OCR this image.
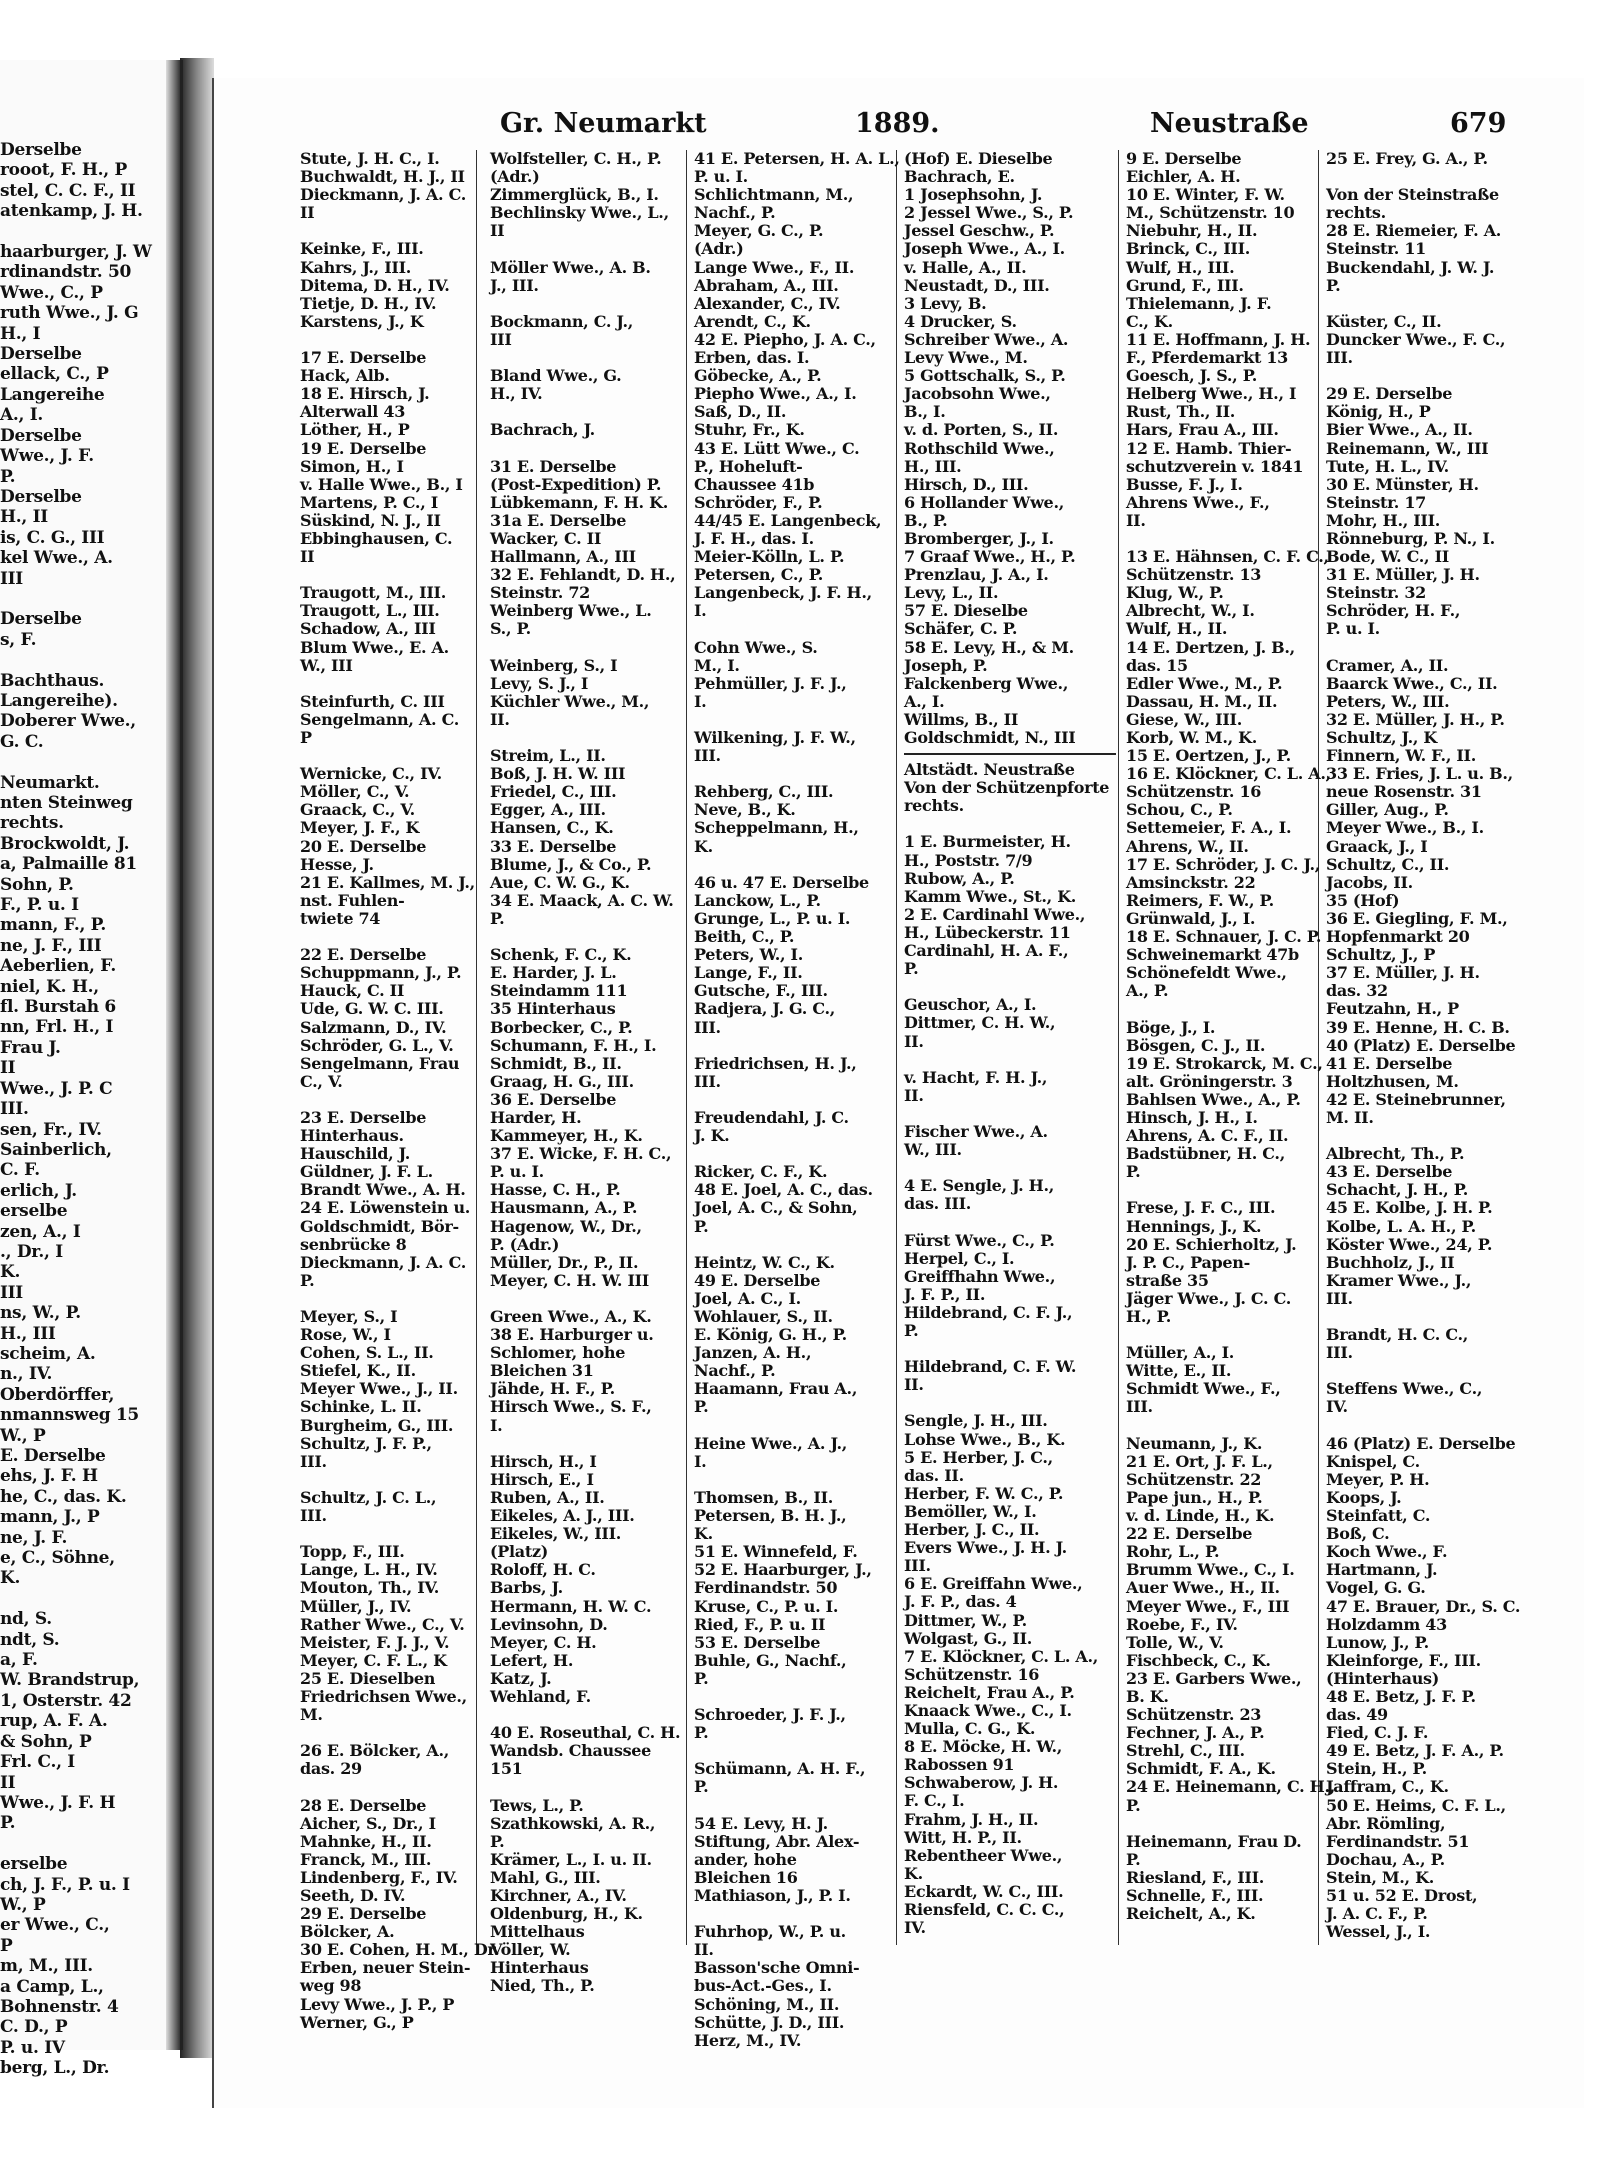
Derselbe
rooot, F. H., P
stel, C. C. F., II
atenkamp, J. H.

haarburger, J. W
rdinandstr. 50
Wwe., C., P
ruth Wwe., J. G
H., I
Derselbe
ellack, C., P
Langereihe
A., I.
Derselbe
Wwe., J. F.
P.
Derselbe
H., II
is, C. G., III
kel Wwe., A.
III

Derselbe
s, F.

Bachthaus.
Langereihe).
Doberer Wwe.,
G. C.

Neumarkt.
nten Steinweg
rechts.
Brockwoldt, J.
a, Palmaille 81
Sohn, P.
F., P. u. I
mann, F., P.
ne, J. F., III
Aeberlien, F.
niel, K. H.,
fl. Burstah 6
nn, Frl. H., I
Frau J.
II
Wwe., J. P. C
III.
sen, Fr., IV.
Sainberlich,
C. F.
erlich, J.
erselbe
zen, A., I
., Dr., I
K.
III
ns, W., P.
H., III
scheim, A.
n., IV.
Oberdörffer,
nmannsweg 15
W., P
E. Derselbe
ehs, J. F. H
he, C., das. K.
mann, J., P
ne, J. F.
e, C., Söhne,
K.

nd, S.
ndt, S.
a, F.
W. Brandstrup,
1, Osterstr. 42
rup, A. F. A.
& Sohn, P
Frl. C., I
II
Wwe., J. F. H
P.

erselbe
ch, J. F., P. u. I
W., P
er Wwe., C.,
P
m, M., III.
a Camp, L.,
Bohnenstr. 4
C. D., P
P. u. IV
berg, L., Dr.
Gr. Neumarkt	1889.	Neustraße	679
Stute, J. H. C., I.
Buchwaldt, H. J., II
Dieckmann, J. A. C.
II

Keinke, F., III.
Kahrs, J., III.
Ditema, D. H., IV.
Tietje, D. H., IV.
Karstens, J., K

17 E. Derselbe
Hack, Alb.
18 E. Hirsch, J.
Alterwall 43
Löther, H., P
19 E. Derselbe
Simon, H., I
v. Halle Wwe., B., I
Martens, P. C., I
Süskind, N. J., II
Ebbinghausen, C.
II

Traugott, M., III.
Traugott, L., III.
Schadow, A., III
Blum Wwe., E. A.
W., III

Steinfurth, C. III
Sengelmann, A. C.
P

Wernicke, C., IV.
Möller, C., V.
Graack, C., V.
Meyer, J. F., K
20 E. Derselbe
Hesse, J.
21 E. Kallmes, M. J.,
nst. Fuhlen-
twiete 74

22 E. Derselbe
Schuppmann, J., P.
Hauck, C. II
Ude, G. W. C. III.
Salzmann, D., IV.
Schröder, G. L., V.
Sengelmann, Frau
C., V.

23 E. Derselbe
Hinterhaus.
Hauschild, J.
Güldner, J. F. L.
Brandt Wwe., A. H.
24 E. Löwenstein u.
Goldschmidt, Bör-
senbrücke 8
Dieckmann, J. A. C.
P.

Meyer, S., I
Rose, W., I
Cohen, S. L., II.
Stiefel, K., II.
Meyer Wwe., J., II.
Schinke, L. II.
Burgheim, G., III.
Schultz, J. F. P.,
III.

Schultz, J. C. L.,
III.

Topp, F., III.
Lange, L. H., IV.
Mouton, Th., IV.
Müller, J., IV.
Rather Wwe., C., V.
Meister, F. J. J., V.
Meyer, C. F. L., K
25 E. Dieselben
Friedrichsen Wwe.,
M.

26 E. Bölcker, A.,
das. 29

28 E. Derselbe
Aicher, S., Dr., I
Mahnke, H., II.
Franck, M., III.
Lindenberg, F., IV.
Seeth, D. IV.
29 E. Derselbe
Bölcker, A.
30 E. Cohen, H. M., Dr.
Erben, neuer Stein-
weg 98
Levy Wwe., J. P., P
Werner, G., P
Wolfsteller, C. H., P.
(Adr.)
Zimmerglück, B., I.
Bechlinsky Wwe., L.,
II

Möller Wwe., A. B.
J., III.

Bockmann, C. J.,
III

Bland Wwe., G.
H., IV.

Bachrach, J.

31 E. Derselbe
(Post-Expedition) P.
Lübkemann, F. H. K.
31a E. Derselbe
Wacker, C. II
Hallmann, A., III
32 E. Fehlandt, D. H.,
Steinstr. 72
Weinberg Wwe., L.
S., P.

Weinberg, S., I
Levy, S. J., I
Küchler Wwe., M.,
II.

Streim, L., II.
Boß, J. H. W. III
Friedel, C., III.
Egger, A., III.
Hansen, C., K.
33 E. Derselbe
Blume, J., & Co., P.
Aue, C. W. G., K.
34 E. Maack, A. C. W.
P.

Schenk, F. C., K.
E. Harder, J. L.
Steindamm 111
35 Hinterhaus
Borbecker, C., P.
Schumann, F. H., I.
Schmidt, B., II.
Graag, H. G., III.
36 E. Derselbe
Harder, H.
Kammeyer, H., K.
37 E. Wicke, F. H. C.,
P. u. I.
Hasse, C. H., P.
Hausmann, A., P.
Hagenow, W., Dr.,
P. (Adr.)
Müller, Dr., P., II.
Meyer, C. H. W. III

Green Wwe., A., K.
38 E. Harburger u.
Schlomer, hohe
Bleichen 31
Jähde, H. F., P.
Hirsch Wwe., S. F.,
I.

Hirsch, H., I
Hirsch, E., I
Ruben, A., II.
Eikeles, A. J., III.
Eikeles, W., III.
(Platz)
Roloff, H. C.
Barbs, J.
Hermann, H. W. C.
Levinsohn, D.
Meyer, C. H.
Lefert, H.
Katz, J.
Wehland, F.

40 E. Roseuthal, C. H.
Wandsb. Chaussee
151

Tews, L., P.
Szathkowski, A. R.,
P.
Krämer, L., I. u. II.
Mahl, G., III.
Kirchner, A., IV.
Oldenburg, H., K.
Mittelhaus
Völler, W.
Hinterhaus
Nied, Th., P.
41 E. Petersen, H. A. L.,
P. u. I.
Schlichtmann, M.,
Nachf., P.
Meyer, G. C., P.
(Adr.)
Lange Wwe., F., II.
Abraham, A., III.
Alexander, C., IV.
Arendt, C., K.
42 E. Piepho, J. A. C.,
Erben, das. I.
Göbecke, A., P.
Piepho Wwe., A., I.
Saß, D., II.
Stuhr, Fr., K.
43 E. Lütt Wwe., C.
P., Hoheluft-
Chaussee 41b
Schröder, F., P.
44/45 E. Langenbeck,
J. F. H., das. I.
Meier-Kölln, L. P.
Petersen, C., P.
Langenbeck, J. F. H.,
I.

Cohn Wwe., S.
M., I.
Pehmüller, J. F. J.,
I.

Wilkening, J. F. W.,
III.

Rehberg, C., III.
Neve, B., K.
Scheppelmann, H.,
K.

46 u. 47 E. Derselbe
Lanckow, L., P.
Grunge, L., P. u. I.
Beith, C., P.
Peters, W., I.
Lange, F., II.
Gutsche, F., III.
Radjera, J. G. C.,
III.

Friedrichsen, H. J.,
III.

Freudendahl, J. C.
J. K.

Ricker, C. F., K.
48 E. Joel, A. C., das.
Joel, A. C., & Sohn,
P.

Heintz, W. C., K.
49 E. Derselbe
Joel, A. C., I.
Wohlauer, S., II.
E. König, G. H., P.
Janzen, A. H.,
Nachf., P.
Haamann, Frau A.,
P.

Heine Wwe., A. J.,
I.

Thomsen, B., II.
Petersen, B. H. J.,
K.
51 E. Winnefeld, F.
52 E. Haarburger, J.,
Ferdinandstr. 50
Kruse, C., P. u. I.
Ried, F., P. u. II
53 E. Derselbe
Buhle, G., Nachf.,
P.

Schroeder, J. F. J.,
P.

Schümann, A. H. F.,
P.

54 E. Levy, H. J.
Stiftung, Abr. Alex-
ander, hohe
Bleichen 16
Mathiason, J., P. I.

Fuhrhop, W., P. u.
II.
Basson'sche Omni-
bus-Act.-Ges., I.
Schöning, M., II.
Schütte, J. D., III.
Herz, M., IV.
(Hof) E. Dieselbe
Bachrach, E.
1 Josephsohn, J.
2 Jessel Wwe., S., P.
Jessel Geschw., P.
Joseph Wwe., A., I.
v. Halle, A., II.
Neustadt, D., III.
3 Levy, B.
4 Drucker, S.
Schreiber Wwe., A.
Levy Wwe., M.
5 Gottschalk, S., P.
Jacobsohn Wwe.,
B., I.
v. d. Porten, S., II.
Rothschild Wwe.,
H., III.
Hirsch, D., III.
6 Hollander Wwe.,
B., P.
Bromberger, J., I.
7 Graaf Wwe., H., P.
Prenzlau, J. A., I.
Levy, L., II.
57 E. Dieselbe
Schäfer, C. P.
58 E. Levy, H., & M.
Joseph, P.
Falckenberg Wwe.,
A., I.
Willms, B., II
Goldschmidt, N., III
Altstädt. Neustraße
Von der Schützenpforte
rechts.

1 E. Burmeister, H.
H., Poststr. 7/9
Rubow, A., P.
Kamm Wwe., St., K.
2 E. Cardinahl Wwe.,
H., Lübeckerstr. 11
Cardinahl, H. A. F.,
P.

Geuschor, A., I.
Dittmer, C. H. W.,
II.

v. Hacht, F. H. J.,
II.

Fischer Wwe., A.
W., III.

4 E. Sengle, J. H.,
das. III.

Fürst Wwe., C., P.
Herpel, C., I.
Greiffhahn Wwe.,
J. F. P., II.
Hildebrand, C. F. J.,
P.

Hildebrand, C. F. W.
II.

Sengle, J. H., III.
Lohse Wwe., B., K.
5 E. Herber, J. C.,
das. II.
Herber, F. W. C., P.
Bemöller, W., I.
Herber, J. C., II.
Evers Wwe., J. H. J.
III.
6 E. Greiffahn Wwe.,
J. F. P., das. 4
Dittmer, W., P.
Wolgast, G., II.
7 E. Klöckner, C. L. A.,
Schützenstr. 16
Reichelt, Frau A., P.
Knaack Wwe., C., I.
Mulla, C. G., K.
8 E. Möcke, H. W.,
Rabossen 91
Schwaberow, J. H.
F. C., I.
Frahm, J. H., II.
Witt, H. P., II.
Rebentheer Wwe.,
K.
Eckardt, W. C., III.
Riensfeld, C. C. C.,
IV.
9 E. Derselbe
Eichler, A. H.
10 E. Winter, F. W.
M., Schützenstr. 10
Niebuhr, H., II.
Brinck, C., III.
Wulf, H., III.
Grund, F., III.
Thielemann, J. F.
C., K.
11 E. Hoffmann, J. H.
F., Pferdemarkt 13
Goesch, J. S., P.
Helberg Wwe., H., I
Rust, Th., II.
Hars, Frau A., III.
12 E. Hamb. Thier-
schutzverein v. 1841
Busse, F. J., I.
Ahrens Wwe., F.,
II.

13 E. Hähnsen, C. F. C.,
Schützenstr. 13
Klug, W., P.
Albrecht, W., I.
Wulf, H., II.
14 E. Dertzen, J. B.,
das. 15
Edler Wwe., M., P.
Dassau, H. M., II.
Giese, W., III.
Korb, W. M., K.
15 E. Oertzen, J., P.
16 E. Klöckner, C. L. A.,
Schützenstr. 16
Schou, C., P.
Settemeier, F. A., I.
Ahrens, W., II.
17 E. Schröder, J. C. J.,
Amsinckstr. 22
Reimers, F. W., P.
Grünwald, J., I.
18 E. Schnauer, J. C. P.
Schweinemarkt 47b
Schönefeldt Wwe.,
A., P.

Böge, J., I.
Bösgen, C. J., II.
19 E. Strokarck, M. C.,
alt. Gröningerstr. 3
Bahlsen Wwe., A., P.
Hinsch, J. H., I.
Ahrens, A. C. F., II.
Badstübner, H. C.,
P.

Frese, J. F. C., III.
Hennings, J., K.
20 E. Schierholtz, J.
J. P. C., Papen-
straße 35
Jäger Wwe., J. C. C.
H., P.

Müller, A., I.
Witte, E., II.
Schmidt Wwe., F.,
III.

Neumann, J., K.
21 E. Ort, J. F. L.,
Schützenstr. 22
Pape jun., H., P.
v. d. Linde, H., K.
22 E. Derselbe
Rohr, L., P.
Brumm Wwe., C., I.
Auer Wwe., H., II.
Meyer Wwe., F., III
Roebe, F., IV.
Tolle, W., V.
Fischbeck, C., K.
23 E. Garbers Wwe.,
B. K.
Schützenstr. 23
Fechner, J. A., P.
Strehl, C., III.
Schmidt, F. A., K.
24 E. Heinemann, C. H.,
P.

Heinemann, Frau D.
P.
Riesland, F., III.
Schnelle, F., III.
Reichelt, A., K.
25 E. Frey, G. A., P.

Von der Steinstraße
rechts.
28 E. Riemeier, F. A.
Steinstr. 11
Buckendahl, J. W. J.
P.

Küster, C., II.
Duncker Wwe., F. C.,
III.

29 E. Derselbe
König, H., P
Bier Wwe., A., II.
Reinemann, W., III
Tute, H. L., IV.
30 E. Münster, H.
Steinstr. 17
Mohr, H., III.
Rönneburg, P. N., I.
Bode, W. C., II
31 E. Müller, J. H.
Steinstr. 32
Schröder, H. F.,
P. u. I.

Cramer, A., II.
Baarck Wwe., C., II.
Peters, W., III.
32 E. Müller, J. H., P.
Schultz, J., K
Finnern, W. F., II.
33 E. Fries, J. L. u. B.,
neue Rosenstr. 31
Giller, Aug., P.
Meyer Wwe., B., I.
Graack, J., I
Schultz, C., II.
Jacobs, II.
35 (Hof)
36 E. Giegling, F. M.,
Hopfenmarkt 20
Schultz, J., P
37 E. Müller, J. H.
das. 32
Feutzahn, H., P
39 E. Henne, H. C. B.
40 (Platz) E. Derselbe
41 E. Derselbe
Holtzhusen, M.
42 E. Steinebrunner,
M. II.

Albrecht, Th., P.
43 E. Derselbe
Schacht, J. H., P.
45 E. Kolbe, J. H. P.
Kolbe, L. A. H., P.
Köster Wwe., 24, P.
Buchholz, J., II
Kramer Wwe., J.,
III.

Brandt, H. C. C.,
III.

Steffens Wwe., C.,
IV.

46 (Platz) E. Derselbe
Knispel, C.
Meyer, P. H.
Koops, J.
Steinfatt, C.
Boß, C.
Koch Wwe., F.
Hartmann, J.
Vogel, G. G.
47 E. Brauer, Dr., S. C.
Holzdamm 43
Lunow, J., P.
Kleinforge, F., III.
(Hinterhaus)
48 E. Betz, J. F. P.
das. 49
Fied, C. J. F.
49 E. Betz, J. F. A., P.
Stein, H., P.
Jaffram, C., K.
50 E. Heims, C. F. L.,
Abr. Römling,
Ferdinandstr. 51
Dochau, A., P.
Stein, M., K.
51 u. 52 E. Drost,
J. A. C. F., P.
Wessel, J., I.
